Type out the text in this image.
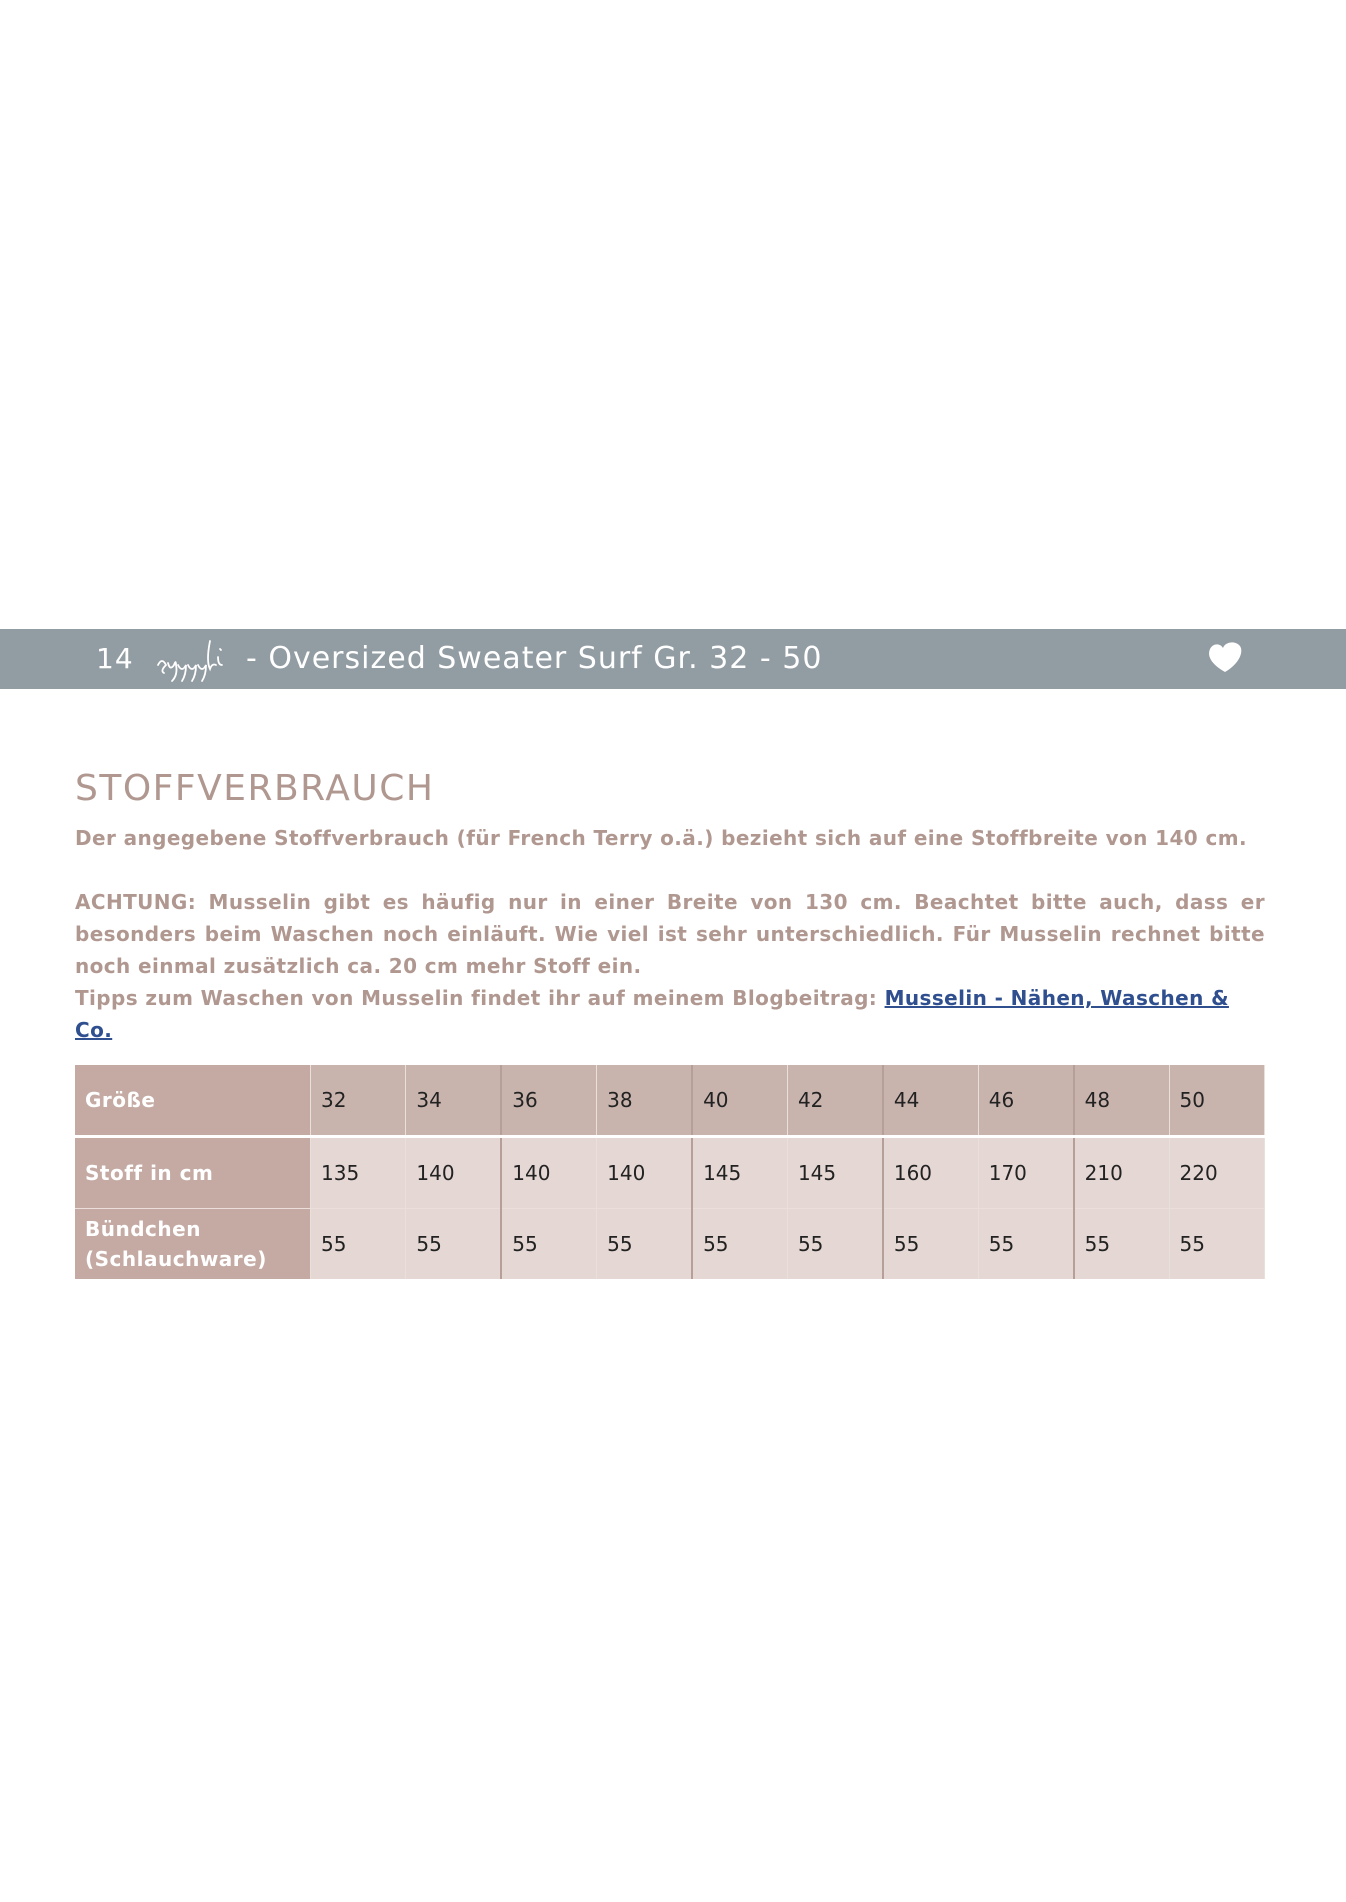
14	- Oversized Sweater Surf Gr. 32 - 50
STOFFVERBRAUCH

Der angegebene Stoffverbrauch (für French Terry o.ä.) bezieht sich auf eine Stoffbreite von 140 cm.

ACHTUNG: Musselin gibt es häufig nur in einer Breite von 130 cm. Beachtet bitte auch, dass er besonders beim Waschen noch einläuft. Wie viel ist sehr unterschiedlich. Für Musselin rechnet bitte noch einmal zusätzlich ca. 20 cm mehr Stoff ein.

Tipps zum Waschen von Musselin findet ihr auf meinem Blogbeitrag: Musselin - Nähen, Waschen & Co.

Größe	32	34	36	38	40	42	44	46	48	50
Stoff in cm	135	140	140	140	145	145	160	170	210	220
Bündchen (Schlauchware)	55	55	55	55	55	55	55	55	55	55
